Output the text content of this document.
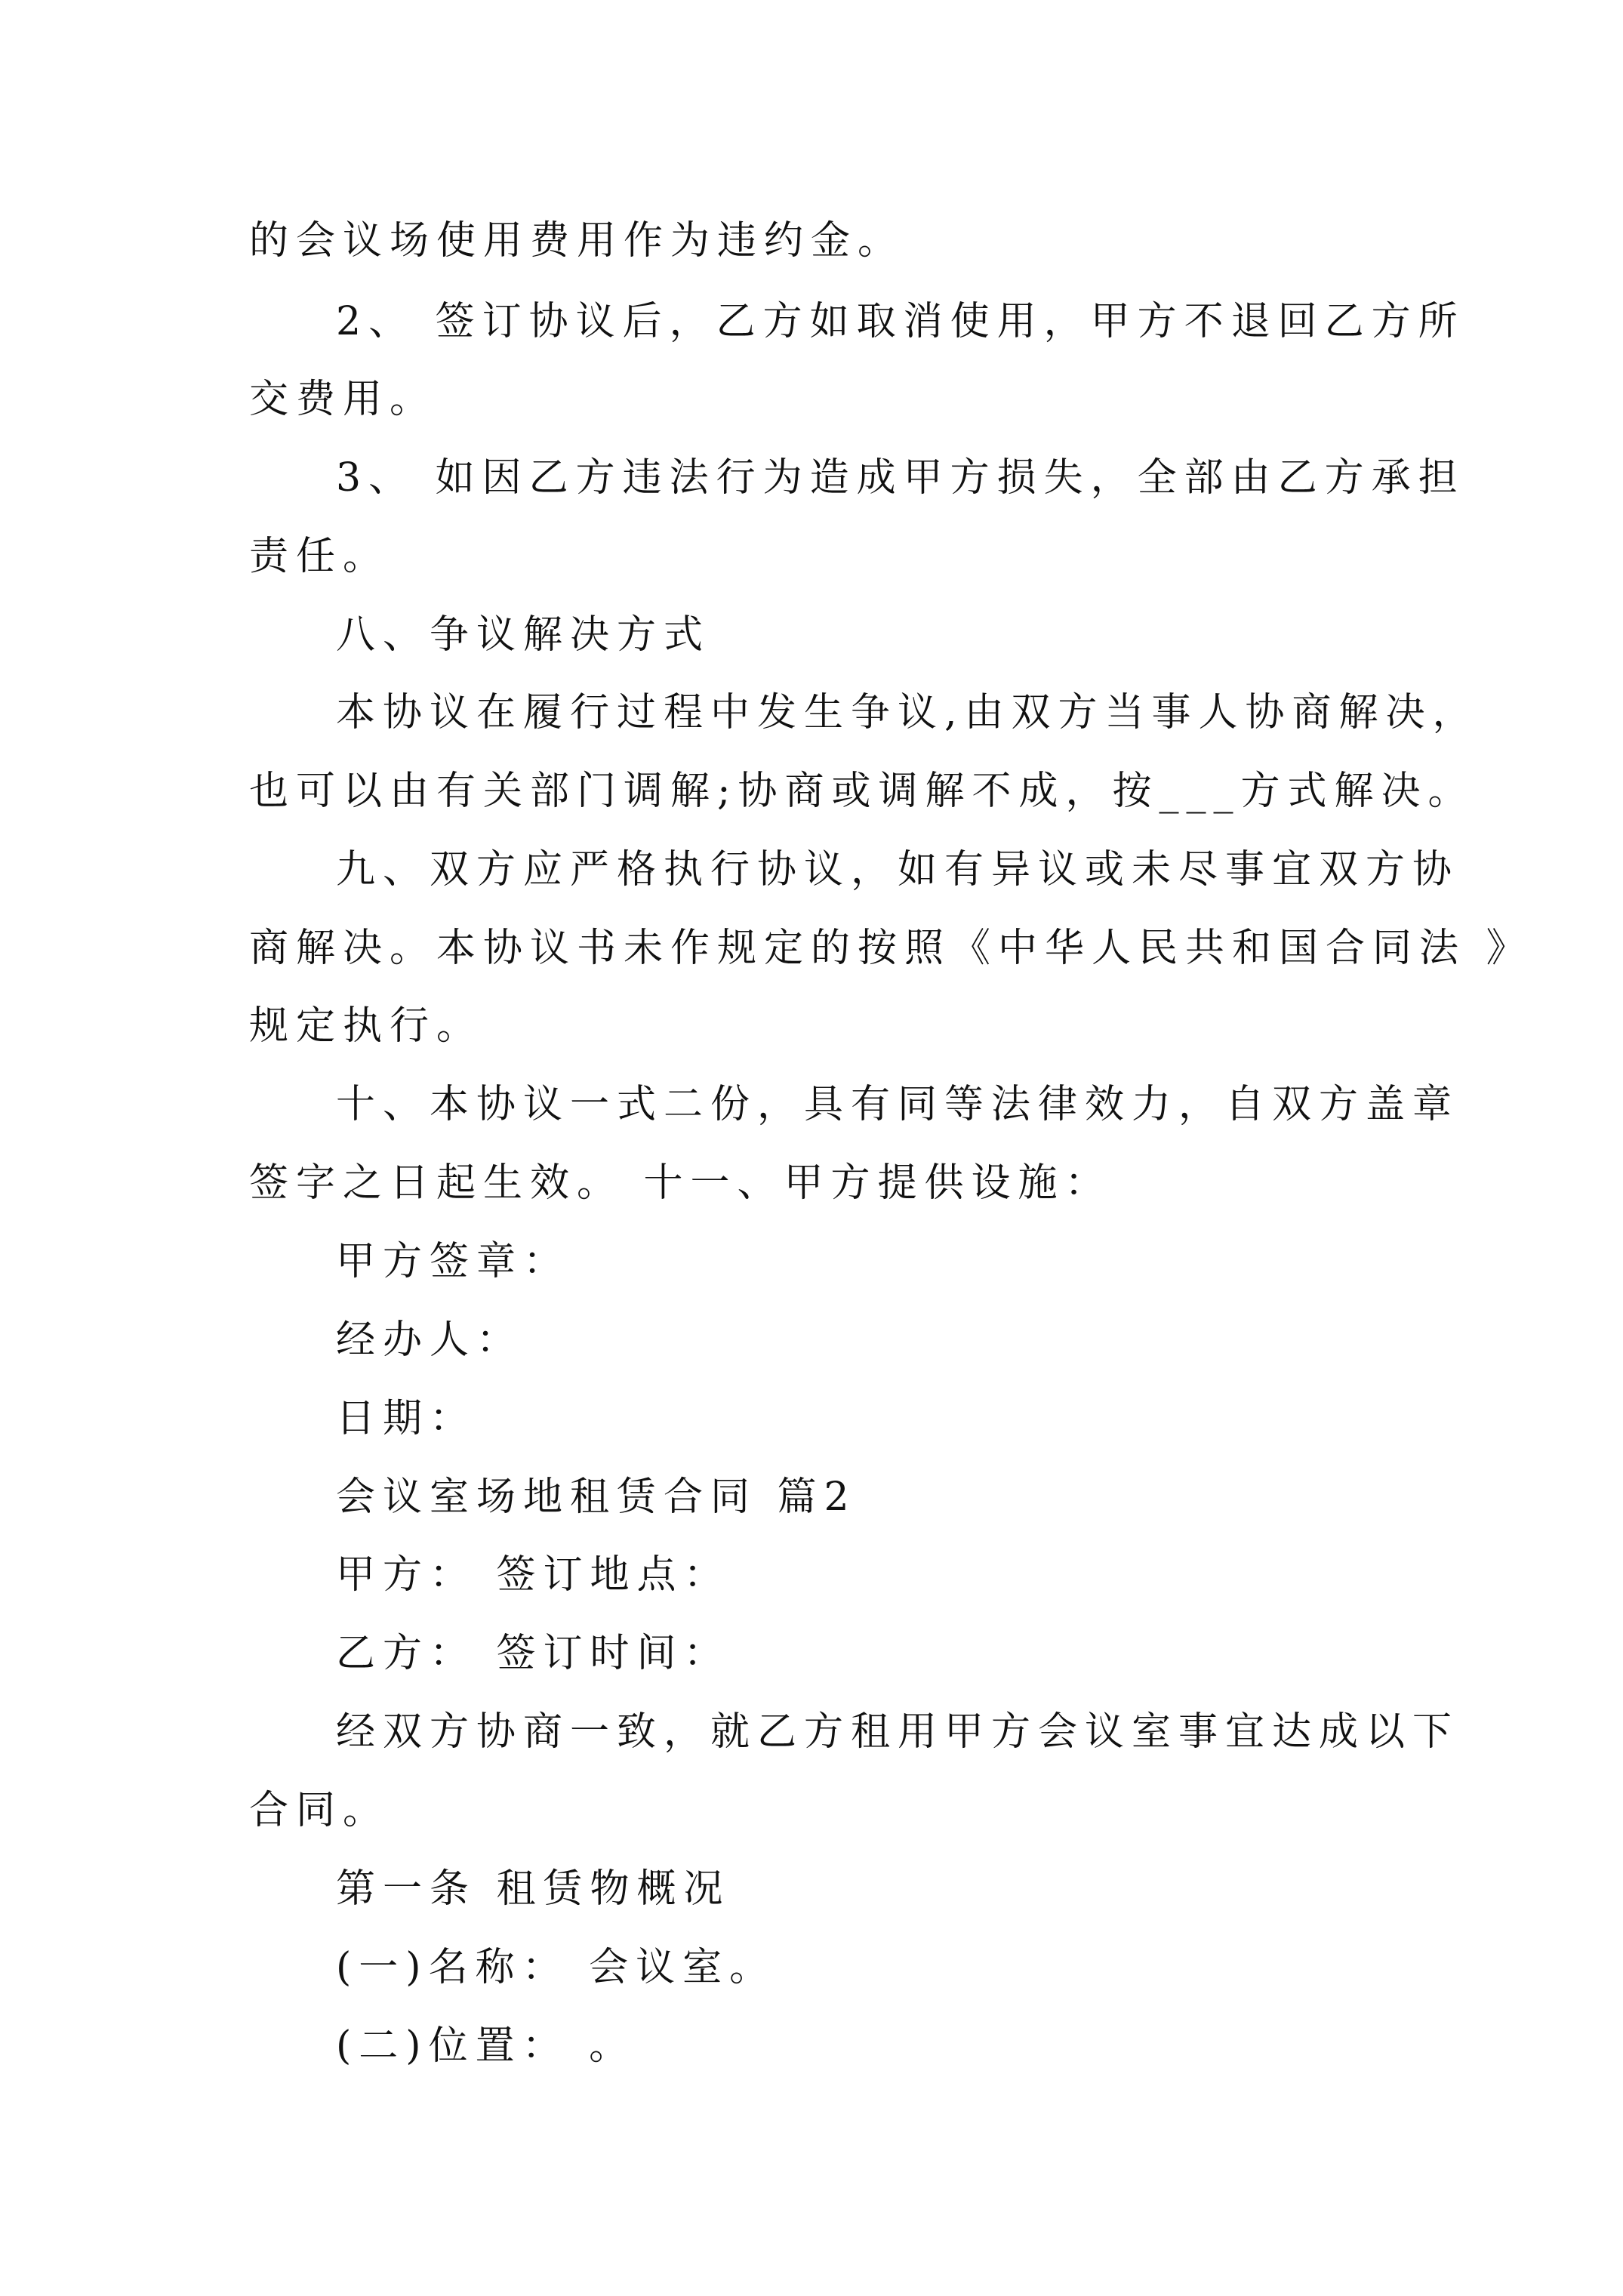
的会议场使用费用作为违约金。
2、 签订协议后，乙方如取消使用，甲方不退回乙方所
交费用。
3、 如因乙方违法行为造成甲方损失，全部由乙方承担
责任。
八、争议解决方式
本协议在履行过程中发生争议,由双方当事人协商解决，
也可以由有关部门调解;协商或调解不成，按___方式解决。
九、双方应严格执行协议，如有异议或未尽事宜双方协
商解决。本协议书未作规定的按照《中华人民共和国合同法 》
规定执行。
十、本协议一式二份，具有同等法律效力，自双方盖章
签字之日起生效。 十一、甲方提供设施：
甲方签章：
经办人：
日期：
会议室场地租赁合同 篇2
甲方： 签订地点：
乙方： 签订时间：
经双方协商一致，就乙方租用甲方会议室事宜达成以下
合同。
第一条 租赁物概况
(一)名称： 会议室。
(二)位置： 。
